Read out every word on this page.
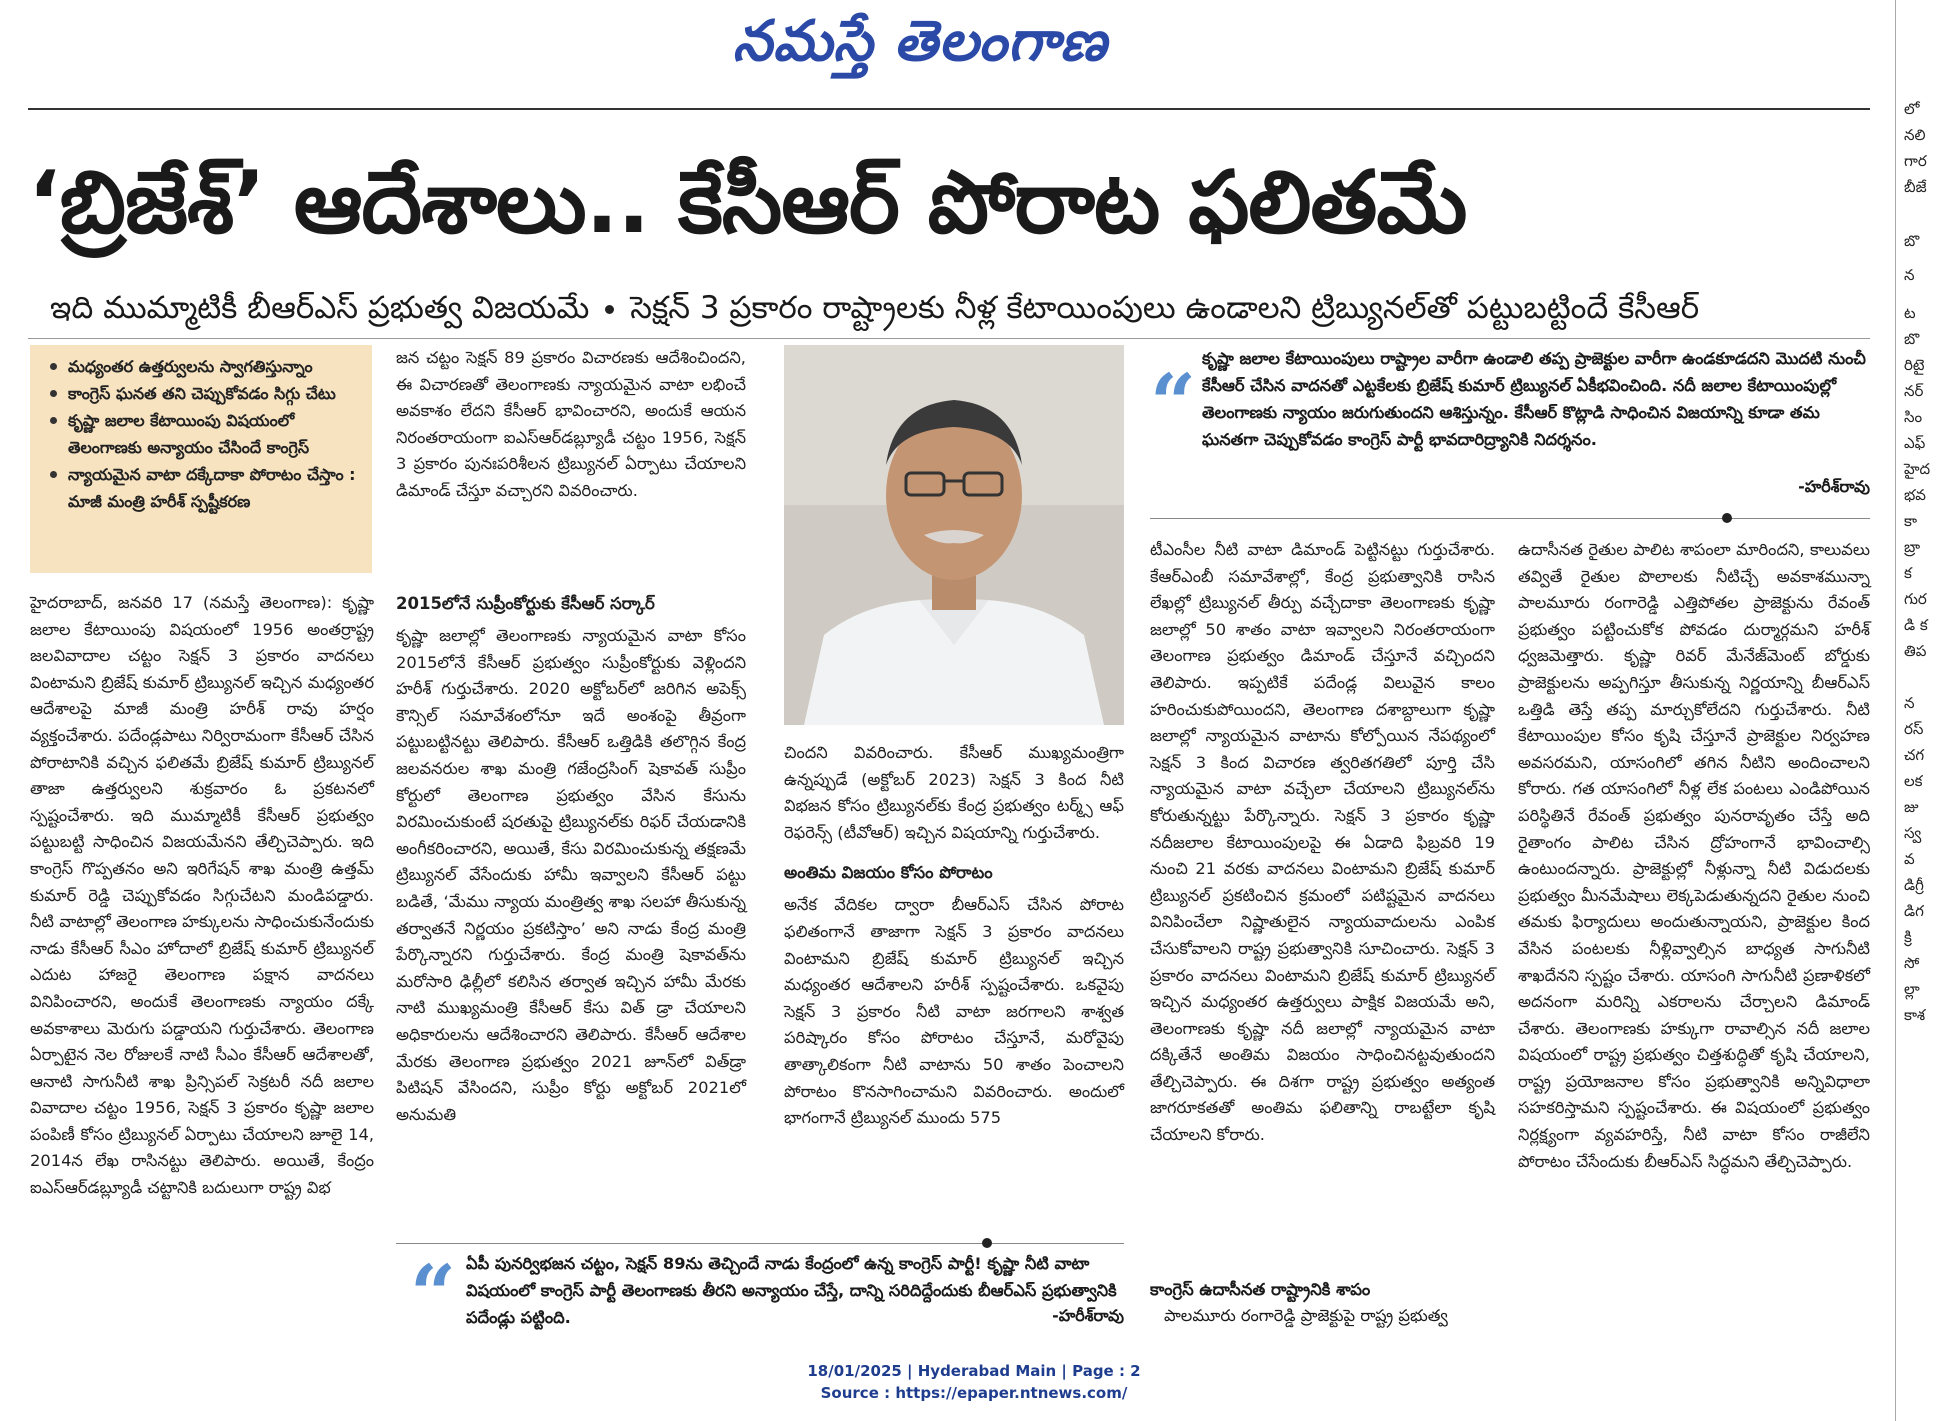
నమస్తే తెలంగాణ
‘బ్రిజేశ్’ ఆదేశాలు.. కేసీఆర్ పోరాట ఫలితమే
ఇది ముమ్మాటికీ బీఆర్ఎస్ ప్రభుత్వ విజయమే సెక్షన్ 3 ప్రకారం రాష్ట్రాలకు నీళ్ల కేటాయింపులు ఉండాలని ట్రిబ్యునల్‌తో పట్టుబట్టిందే కేసీఆర్
మధ్యంతర ఉత్తర్వులను స్వాగతిస్తున్నాం
కాంగ్రెస్ ఘనత తని చెప్పుకోవడం సిగ్గు చేటు
కృష్ణా జలాల కేటాయింపు విషయంలో తెలంగాణకు అన్యాయం చేసిందే కాంగ్రెస్
న్యాయమైన వాటా దక్కేదాకా పోరాటం చేస్తాం : మాజీ మంత్రి హరీశ్ స్పష్టీకరణ

హైదరాబాద్, జనవరి 17 (నమస్తే తెలంగాణ): కృష్ణా జలాల కేటాయింపు విషయంలో 1956 అంతర్రాష్ట్ర జలవివాదాల చట్టం సెక్షన్ 3 ప్రకారం వాదనలు వింటామని బ్రిజేష్ కుమార్ ట్రిబ్యునల్ ఇచ్చిన మధ్యంతర ఆదేశాలపై మాజీ మంత్రి హరీశ్ రావు హర్షం వ్యక్తంచేశారు. పదేండ్లపాటు నిర్విరామంగా కేసీఆర్ చేసిన పోరాటానికి వచ్చిన ఫలితమే బ్రిజేష్ కుమార్ ట్రిబ్యునల్ తాజా ఉత్తర్వులని శుక్రవారం ఓ ప్రకటనలో స్పష్టంచేశారు. ఇది ముమ్మాటికీ కేసీఆర్ ప్రభుత్వం పట్టుబట్టి సాధించిన విజయమేనని తేల్చిచెప్పారు. ఇది కాంగ్రెస్ గొప్పతనం అని ఇరిగేషన్ శాఖ మంత్రి ఉత్తమ్ కుమార్ రెడ్డి చెప్పుకోవడం సిగ్గుచేటని మండిపడ్డారు. నీటి వాటాల్లో తెలంగాణ హక్కులను సాధించుకునేందుకు నాడు కేసీఆర్ సీఎం హోదాలో బ్రిజేష్ కుమార్ ట్రిబ్యునల్ ఎదుట హాజరై తెలంగాణ పక్షాన వాదనలు వినిపించారని, అందుకే తెలంగాణకు న్యాయం దక్కే అవకాశాలు మెరుగు పడ్డాయని గుర్తుచేశారు. తెలంగాణ ఏర్పాటైన నెల రోజులకే నాటి సీఎం కేసీఆర్ ఆదేశాలతో, ఆనాటి సాగునీటి శాఖ ప్రిన్సిపల్ సెక్రటరీ నదీ జలాల వివాదాల చట్టం 1956, సెక్షన్ 3 ప్రకారం కృష్ణా జలాల పంపిణీ కోసం ట్రిబ్యునల్ ఏర్పాటు చేయాలని జూలై 14, 2014న లేఖ రాసినట్టు తెలిపారు. అయితే, కేంద్రం ఐఎస్ఆర్‌డబ్ల్యూడీ చట్టానికి బదులుగా రాష్ట్ర విభ

జన చట్టం సెక్షన్ 89 ప్రకారం విచారణకు ఆదేశించిందని, ఈ విచారణతో తెలంగాణకు న్యాయమైన వాటా లభించే అవకాశం లేదని కేసీఆర్ భావించారని, అందుకే ఆయన నిరంతరాయంగా ఐఎస్ఆర్‌డబ్ల్యూడీ చట్టం 1956, సెక్షన్ 3 ప్రకారం పునఃపరిశీలన ట్రిబ్యునల్ ఏర్పాటు చేయాలని డిమాండ్ చేస్తూ వచ్చారని వివరించారు.

2015లోనే సుప్రీంకోర్టుకు కేసీఆర్ సర్కార్

కృష్ణా జలాల్లో తెలంగాణకు న్యాయమైన వాటా కోసం 2015లోనే కేసీఆర్ ప్రభుత్వం సుప్రీంకోర్టుకు వెళ్లిందని హరీశ్ గుర్తుచేశారు. 2020 అక్టోబర్‌లో జరిగిన అపెక్స్ కౌన్సిల్ సమావేశంలోనూ ఇదే అంశంపై తీవ్రంగా పట్టుబట్టినట్టు తెలిపారు. కేసీఆర్ ఒత్తిడికి తలొగ్గిన కేంద్ర జలవనరుల శాఖ మంత్రి గజేంద్రసింగ్ షెకావత్ సుప్రీం కోర్టులో తెలంగాణ ప్రభుత్వం వేసిన కేసును విరమించుకుంటే షరతుపై ట్రిబ్యునల్‌కు రిఫర్ చేయడానికి అంగీకరించారని, అయితే, కేసు విరమించుకున్న తక్షణమే ట్రిబ్యునల్ వేసేందుకు హామీ ఇవ్వాలని కేసీఆర్ పట్టు బడితే, ‘మేము న్యాయ మంత్రిత్వ శాఖ సలహా తీసుకున్న తర్వాతనే నిర్ణయం ప్రకటిస్తాం’ అని నాడు కేంద్ర మంత్రి పేర్కొన్నారని గుర్తుచేశారు. కేంద్ర మంత్రి షెకావత్‌ను మరోసారి ఢిల్లీలో కలిసిన తర్వాత ఇచ్చిన హామీ మేరకు నాటి ముఖ్యమంత్రి కేసీఆర్ కేసు విత్ డ్రా చేయాలని అధికారులను ఆదేశించారని తెలిపారు. కేసీఆర్ ఆదేశాల మేరకు తెలంగాణ ప్రభుత్వం 2021 జూన్‌లో విత్‌డ్రా పిటిషన్ వేసిందని, సుప్రీం కోర్టు అక్టోబర్ 2021లో అనుమతి

చిందని వివరించారు. కేసీఆర్ ముఖ్యమంత్రిగా ఉన్నప్పుడే (అక్టోబర్ 2023) సెక్షన్ 3 కింద నీటి విభజన కోసం ట్రిబ్యునల్‌కు కేంద్ర ప్రభుత్వం టర్మ్స్ ఆఫ్ రెఫరెన్స్ (టీవోఆర్) ఇచ్చిన విషయాన్ని గుర్తుచేశారు.

అంతిమ విజయం కోసం పోరాటం

అనేక వేదికల ద్వారా బీఆర్ఎస్ చేసిన పోరాట ఫలితంగానే తాజాగా సెక్షన్ 3 ప్రకారం వాదనలు వింటామని బ్రిజేష్ కుమార్ ట్రిబ్యునల్ ఇచ్చిన మధ్యంతర ఆదేశాలని హరీశ్ స్పష్టంచేశారు. ఒకవైపు సెక్షన్ 3 ప్రకారం నీటి వాటా జరగాలని శాశ్వత పరిష్కారం కోసం పోరాటం చేస్తూనే, మరోవైపు తాత్కాలికంగా నీటి వాటాను 50 శాతం పెంచాలని పోరాటం కొనసాగించామని వివరించారు. అందులో భాగంగానే ట్రిబ్యునల్ ముందు 575

“ కృష్ణా జలాల కేటాయింపులు రాష్ట్రాల వారీగా ఉండాలి తప్ప ప్రాజెక్టుల వారీగా ఉండకూడదని మొదటి నుంచీ కేసీఆర్ చేసిన వాదనతో ఎట్టకేలకు బ్రిజేష్ కుమార్ ట్రిబ్యునల్ ఏకీభవించింది. నదీ జలాల కేటాయింపుల్లో తెలంగాణకు న్యాయం జరుగుతుందని ఆశిస్తున్నం. కేసీఆర్ కొట్లాడి సాధించిన విజయాన్ని కూడా తమ ఘనతగా చెప్పుకోవడం కాంగ్రెస్ పార్టీ భావదారిద్ర్యానికి నిదర్శనం.
-హరీశ్‌రావు

టీఎంసీల నీటి వాటా డిమాండ్ పెట్టినట్టు గుర్తుచేశారు. కేఆర్ఎంబీ సమావేశాల్లో, కేంద్ర ప్రభుత్వానికి రాసిన లేఖల్లో ట్రిబ్యునల్ తీర్పు వచ్చేదాకా తెలంగాణకు కృష్ణా జలాల్లో 50 శాతం వాటా ఇవ్వాలని నిరంతరాయంగా తెలంగాణ ప్రభుత్వం డిమాండ్ చేస్తూనే వచ్చిందని తెలిపారు. ఇప్పటికే పదేండ్ల విలువైన కాలం హరించుకుపోయిందని, తెలంగాణ దశాబ్దాలుగా కృష్ణా జలాల్లో న్యాయమైన వాటాను కోల్పోయిన నేపథ్యంలో సెక్షన్ 3 కింద విచారణ త్వరితగతిలో పూర్తి చేసి న్యాయమైన వాటా వచ్చేలా చేయాలని ట్రిబ్యునల్‌ను కోరుతున్నట్టు పేర్కొన్నారు. సెక్షన్ 3 ప్రకారం కృష్ణా నదీజలాల కేటాయింపులపై ఈ ఏడాది ఫిబ్రవరి 19 నుంచి 21 వరకు వాదనలు వింటామని బ్రిజేష్ కుమార్ ట్రిబ్యునల్ ప్రకటించిన క్రమంలో పటిష్టమైన వాదనలు వినిపించేలా నిష్ణాతులైన న్యాయవాదులను ఎంపిక చేసుకోవాలని రాష్ట్ర ప్రభుత్వానికి సూచించారు. సెక్షన్ 3 ప్రకారం వాదనలు వింటామని బ్రిజేష్ కుమార్ ట్రిబ్యునల్ ఇచ్చిన మధ్యంతర ఉత్తర్వులు పాక్షిక విజయమే అని, తెలంగాణకు కృష్ణా నదీ జలాల్లో న్యాయమైన వాటా దక్కితేనే అంతిమ విజయం సాధించినట్టవుతుందని తేల్చిచెప్పారు. ఈ దిశగా రాష్ట్ర ప్రభుత్వం అత్యంత జాగరూకతతో అంతిమ ఫలితాన్ని రాబట్టేలా కృషి చేయాలని కోరారు.

ఉదాసీనత రైతుల పాలిట శాపంలా మారిందని, కాలువలు తవ్వితే రైతుల పొలాలకు నీటిచ్చే అవకాశమున్నా పాలమూరు రంగారెడ్డి ఎత్తిపోతల ప్రాజెక్టును రేవంత్ ప్రభుత్వం పట్టించుకోక పోవడం దుర్మార్గమని హరీశ్ ధ్వజమెత్తారు. కృష్ణా రివర్ మేనేజ్‌మెంట్ బోర్డుకు ప్రాజెక్టులను అప్పగిస్తూ తీసుకున్న నిర్ణయాన్ని బీఆర్ఎస్ ఒత్తిడి తెస్తే తప్ప మార్చుకోలేదని గుర్తుచేశారు. నీటి కేటాయింపుల కోసం కృషి చేస్తూనే ప్రాజెక్టుల నిర్వహణ అవసరమని, యాసంగిలో తగిన నీటిని అందించాలని కోరారు. గత యాసంగిలో నీళ్ల లేక పంటలు ఎండిపోయిన పరిస్థితినే రేవంత్ ప్రభుత్వం పునరావృతం చేస్తే అది రైతాంగం పాలిట చేసిన ద్రోహంగానే భావించాల్సి ఉంటుందన్నారు. ప్రాజెక్టుల్లో నీళ్లున్నా నీటి విడుదలకు ప్రభుత్వం మీనమేషాలు లెక్కపెడుతున్నదని రైతుల నుంచి తమకు ఫిర్యాదులు అందుతున్నాయని, ప్రాజెక్టుల కింద వేసిన పంటలకు నీళ్లివ్వాల్సిన బాధ్యత సాగునీటి శాఖదేనని స్పష్టం చేశారు. యాసంగి సాగునీటి ప్రణాళికలో అదనంగా మరిన్ని ఎకరాలను చేర్చాలని డిమాండ్ చేశారు. తెలంగాణకు హక్కుగా రావాల్సిన నదీ జలాల విషయంలో రాష్ట్ర ప్రభుత్వం చిత్తశుద్ధితో కృషి చేయాలని, రాష్ట్ర ప్రయోజనాల కోసం ప్రభుత్వానికి అన్నివిధాలా సహకరిస్తామని స్పష్టంచేశారు. ఈ విషయంలో ప్రభుత్వం నిర్లక్ష్యంగా వ్యవహరిస్తే, నీటి వాటా కోసం రాజీలేని పోరాటం చేసేందుకు బీఆర్ఎస్ సిద్ధమని తేల్చిచెప్పారు.

“ ఏపీ పునర్విభజన చట్టం, సెక్షన్ 89ను తెచ్చిందే నాడు కేంద్రంలో ఉన్న కాంగ్రెస్ పార్టీ! కృష్ణా నీటి వాటా విషయంలో కాంగ్రెస్ పార్టీ తెలంగాణకు తీరని అన్యాయం చేస్తే, దాన్ని సరిదిద్దేందుకు బీఆర్ఎస్ ప్రభుత్వానికి పదేండ్లు పట్టింది.	-హరీశ్‌రావు
కాంగ్రెస్ ఉదాసీనత రాష్ట్రానికి శాపం
పాలమూరు రంగారెడ్డి ప్రాజెక్టుపై రాష్ట్ర ప్రభుత్వ
18/01/2025 | Hyderabad Main | Page : 2
Source : https://epaper.ntnews.com/
లో
నలి
గార
బీజే
బొ
న
ట
బొ
రిటై
నర్
సిం
ఎఫ్
హైద
భవ
కా
బ్రా
క
గుర
డి క
తిప
న
రస్
చగ
లక
జు
స్వ
వ
డిగ్రీ
డిగ
క్రి
సో
ల్లా
కాశ
